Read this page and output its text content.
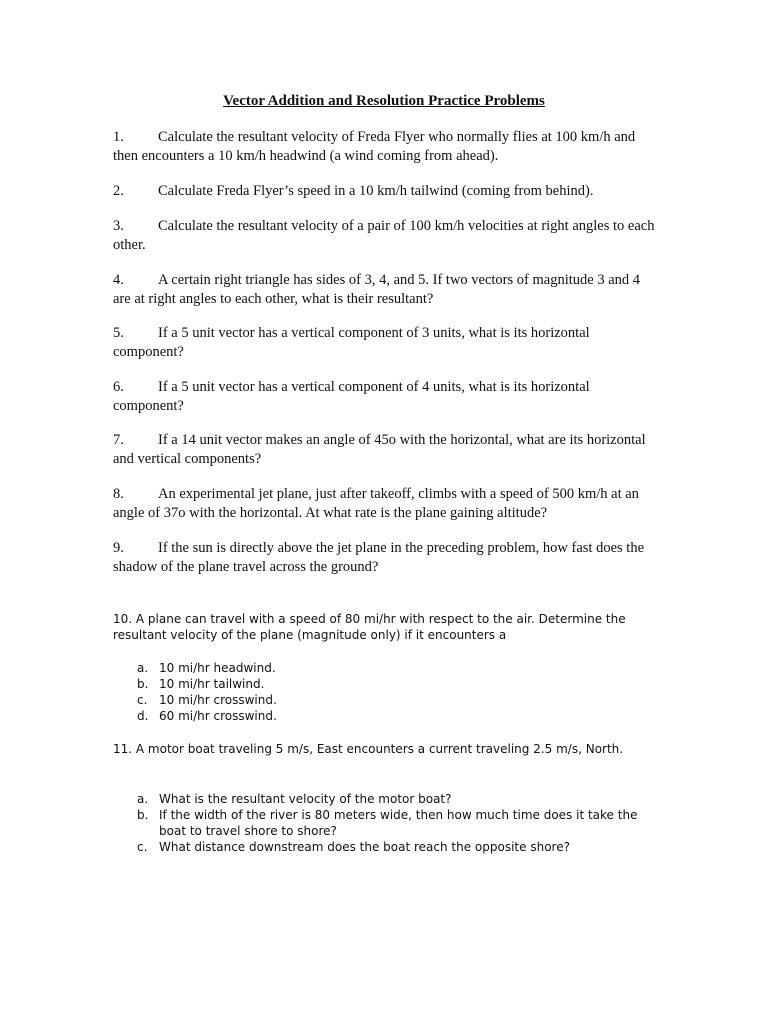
Vector Addition and Resolution Practice Problems
1. Calculate the resultant velocity of Freda Flyer who normally flies at 100 km/h and then encounters a 10 km/h headwind (a wind coming from ahead).
2. Calculate Freda Flyer’s speed in a 10 km/h tailwind (coming from behind).
3. Calculate the resultant velocity of a pair of 100 km/h velocities at right angles to each other.
4. A certain right triangle has sides of 3, 4, and 5. If two vectors of magnitude 3 and 4 are at right angles to each other, what is their resultant?
5. If a 5 unit vector has a vertical component of 3 units, what is its horizontal component?
6. If a 5 unit vector has a vertical component of 4 units, what is its horizontal component?
7. If a 14 unit vector makes an angle of 45o with the horizontal, what are its horizontal and vertical components?
8. An experimental jet plane, just after takeoff, climbs with a speed of 500 km/h at an angle of 37o with the horizontal. At what rate is the plane gaining altitude?
9. If the sun is directly above the jet plane in the preceding problem, how fast does the shadow of the plane travel across the ground?
10. A plane can travel with a speed of 80 mi/hr with respect to the air. Determine the resultant velocity of the plane (magnitude only) if it encounters a
a. 10 mi/hr headwind.
b. 10 mi/hr tailwind.
c. 10 mi/hr crosswind.
d. 60 mi/hr crosswind.
11. A motor boat traveling 5 m/s, East encounters a current traveling 2.5 m/s, North.
a. What is the resultant velocity of the motor boat?
b. If the width of the river is 80 meters wide, then how much time does it take the boat to travel shore to shore?
c. What distance downstream does the boat reach the opposite shore?
